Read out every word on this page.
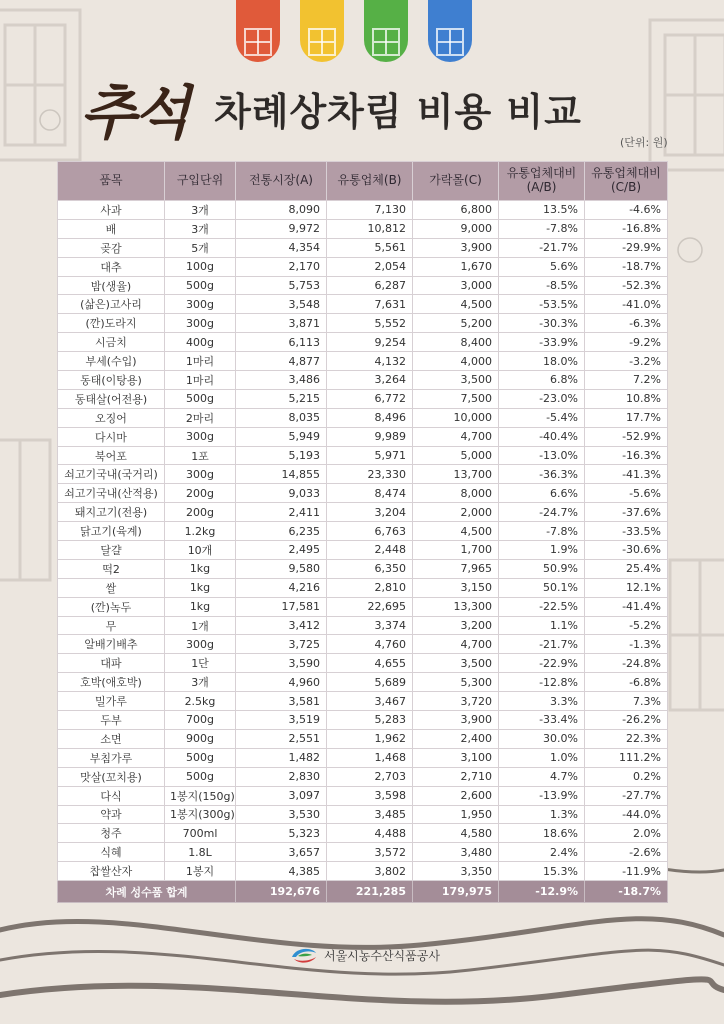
추석 차례상차림 비용 비교
(단위: 원)
품목	구입단위	전통시장(A)	유통업체(B)	가락몰(C)	유통업체대비 (A/B)	유통업체대비 (C/B)
사과	3개	8,090	7,130	6,800	13.5%	-4.6%
배	3개	9,972	10,812	9,000	-7.8%	-16.8%
곶감	5개	4,354	5,561	3,900	-21.7%	-29.9%
대추	100g	2,170	2,054	1,670	5.6%	-18.7%
밤(생율)	500g	5,753	6,287	3,000	-8.5%	-52.3%
(삶은)고사리	300g	3,548	7,631	4,500	-53.5%	-41.0%
(깐)도라지	300g	3,871	5,552	5,200	-30.3%	-6.3%
시금치	400g	6,113	9,254	8,400	-33.9%	-9.2%
부세(수입)	1마리	4,877	4,132	4,000	18.0%	-3.2%
동태(이탕용)	1마리	3,486	3,264	3,500	6.8%	7.2%
동태살(어전용)	500g	5,215	6,772	7,500	-23.0%	10.8%
오징어	2마리	8,035	8,496	10,000	-5.4%	17.7%
다시마	300g	5,949	9,989	4,700	-40.4%	-52.9%
북어포	1포	5,193	5,971	5,000	-13.0%	-16.3%
쇠고기국내(국거리)	300g	14,855	23,330	13,700	-36.3%	-41.3%
쇠고기국내(산적용)	200g	9,033	8,474	8,000	6.6%	-5.6%
돼지고기(전용)	200g	2,411	3,204	2,000	-24.7%	-37.6%
닭고기(육계)	1.2kg	6,235	6,763	4,500	-7.8%	-33.5%
달걀	10개	2,495	2,448	1,700	1.9%	-30.6%
떡2	1kg	9,580	6,350	7,965	50.9%	25.4%
쌀	1kg	4,216	2,810	3,150	50.1%	12.1%
(깐)녹두	1kg	17,581	22,695	13,300	-22.5%	-41.4%
무	1개	3,412	3,374	3,200	1.1%	-5.2%
알배기배추	300g	3,725	4,760	4,700	-21.7%	-1.3%
대파	1단	3,590	4,655	3,500	-22.9%	-24.8%
호박(애호박)	3개	4,960	5,689	5,300	-12.8%	-6.8%
밀가루	2.5kg	3,581	3,467	3,720	3.3%	7.3%
두부	700g	3,519	5,283	3,900	-33.4%	-26.2%
소면	900g	2,551	1,962	2,400	30.0%	22.3%
부침가루	500g	1,482	1,468	3,100	1.0%	111.2%
맛살(꼬치용)	500g	2,830	2,703	2,710	4.7%	0.2%
다식	1봉지(150g)	3,097	3,598	2,600	-13.9%	-27.7%
약과	1봉지(300g)	3,530	3,485	1,950	1.3%	-44.0%
청주	700ml	5,323	4,488	4,580	18.6%	2.0%
식혜	1.8L	3,657	3,572	3,480	2.4%	-2.6%
찹쌀산자	1봉지	4,385	3,802	3,350	15.3%	-11.9%
차례 성수품 합계		192,676	221,285	179,975	-12.9%	-18.7%
서울시농수산식품공사
